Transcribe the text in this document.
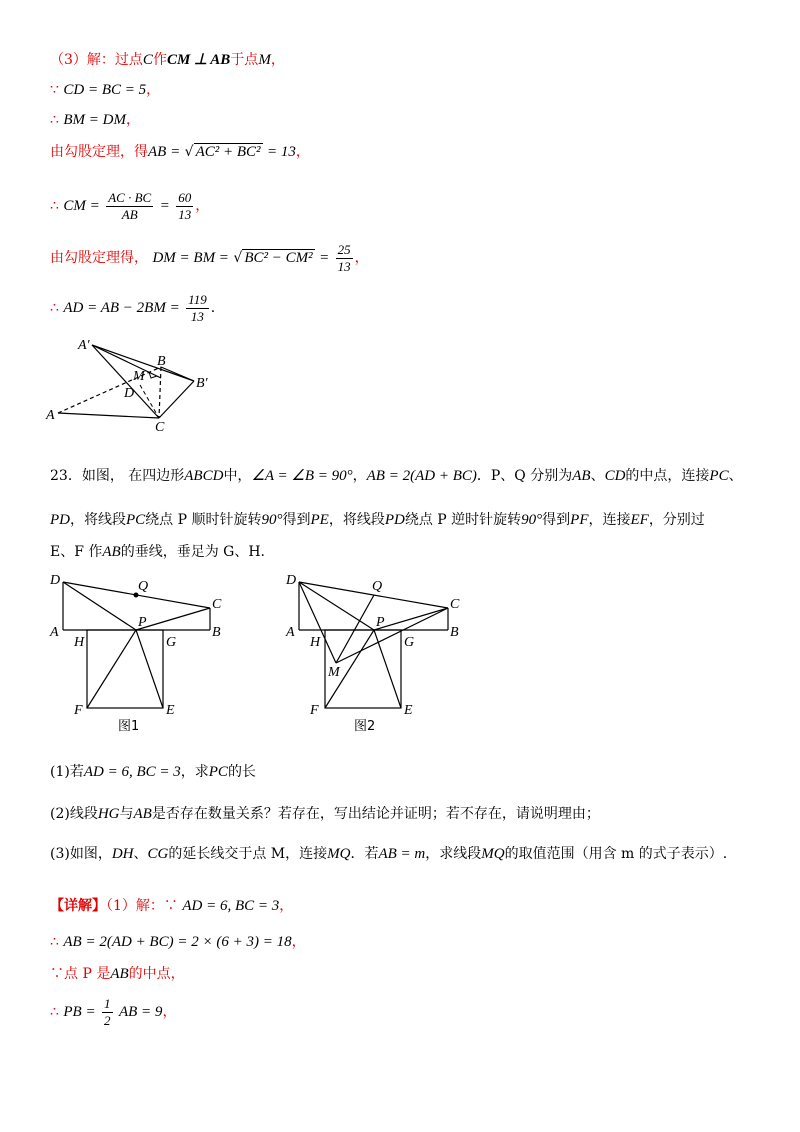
（3）解：过点C作CM ⊥ AB于点M，
∵ CD = BC = 5，
∴ BM = DM，
由勾股定理，得AB = √ AC² + BC² = 13，
∴ CM = $\frac{AC \cdot BC}{AB} = \frac{60}{13}$ ，
由勾股定理得， DM = BM = √ $BC^2 - CM^2 = \frac{25}{13}$ ，
∴ AD = AB − $2BM = \frac{119}{13}$ .
A′
B
M
D
B′
A
C
23．如图， 在四边形ABCD中，∠A = ∠B = 90°，AB = 2(AD + BC)．P、Q 分别为AB、CD的中点，连接PC、
PD，将线段PC绕点 P 顺时针旋转90°得到PE，将线段PD绕点 P 逆时针旋转90°得到PF，连接EF，分别过
E、F 作AB的垂线，垂足为 G、H.
D	Q
C
A
P
B
H	G
F	E
图1
D	Q
C
A
P
B
H	G
M
F	E
图2
(1)若AD = 6, BC = 3，求PC的长
(2)线段HG与AB是否存在数量关系？若存在，写出结论并证明；若不存在，请说明理由；
(3)如图，DH、CG的延长线交于点 M，连接MQ．若AB = m，求线段MQ的取值范围（用含 m 的式子表示）.
【详解】（1）解：∵ AD = 6, BC = 3，
∴ AB = 2(AD + BC) = 2 × (6 + 3) = 18，
∵点 P 是AB的中点，
∴ PB = $\frac{1}{2}$ AB = 9，
